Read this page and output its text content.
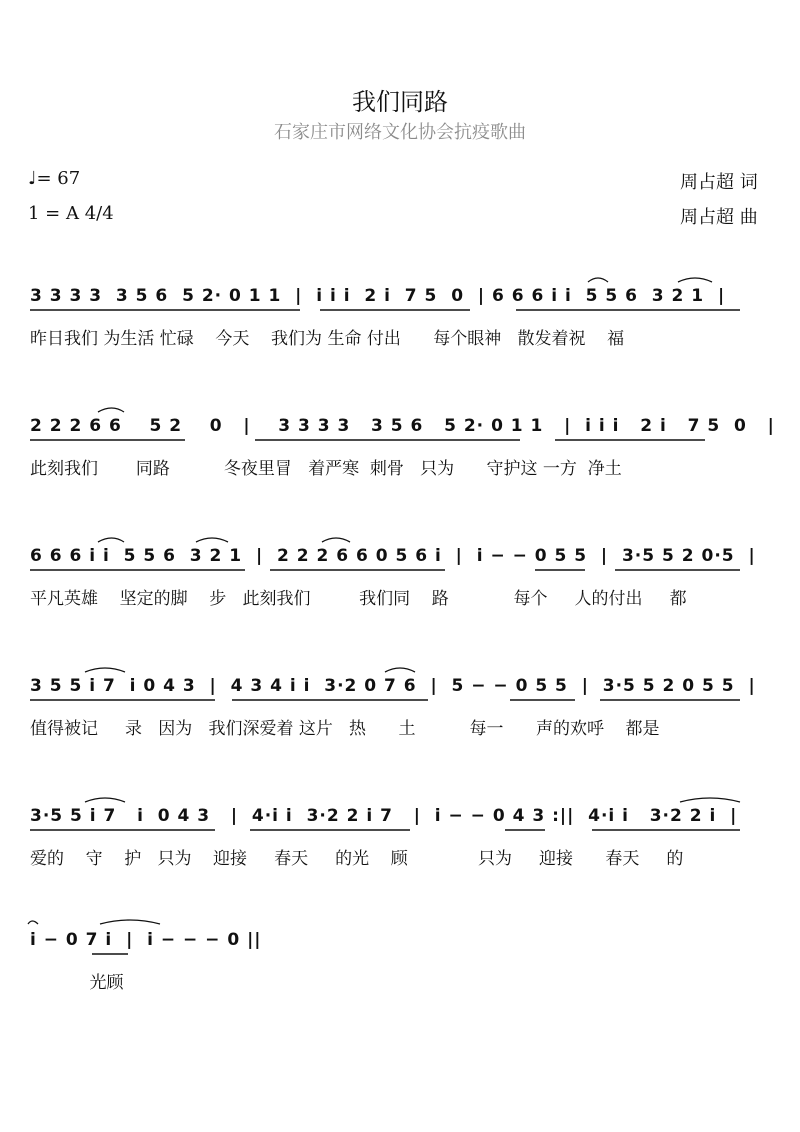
我们同路
石家庄市网络文化协会抗疫歌曲
♩= 67
1 = A 4/4
周占超 词
周占超 曲
3 3 3 3  3 5 6  5 2· 0 1 1  |  i i i  2 i  7 5  0  | 6 6 6 i i  5 5 6  3 2 1  |
昨日我们 为生活 忙碌    今天    我们为 生命 付出      每个眼神   散发着祝    福
2 2 2 6 6    5 2    0   |    3 3 3 3   3 5 6   5 2· 0 1 1   |  i i i   2 i   7 5  0   |
此刻我们       同路          冬夜里冒   着严寒  刺骨   只为      守护这 一方  净土
6 6 6 i i  5 5 6  3 2 1  |  2 2 2 6 6 0 5 6 i  |  i − − 0 5 5  |  3·5 5 2 0·5  |
平凡英雄    坚定的脚    步   此刻我们         我们同    路            每个     人的付出     都
3 5 5 i 7  i 0 4 3  |  4 3 4 i i  3·2 0 7 6  |  5 − − 0 5 5  |  3·5 5 2 0 5 5  |
值得被记     录   因为   我们深爱着 这片   热      土          每一      声的欢呼    都是
3·5 5 i 7   i  0 4 3   |  4·i i  3·2 2 i 7   |  i − − 0 4 3 :||  4·i i   3·2 2 i  |
爱的    守    护   只为    迎接     春天     的光    顾             只为     迎接      春天     的
i − 0 7 i  |  i − − − 0 ||
光顾
